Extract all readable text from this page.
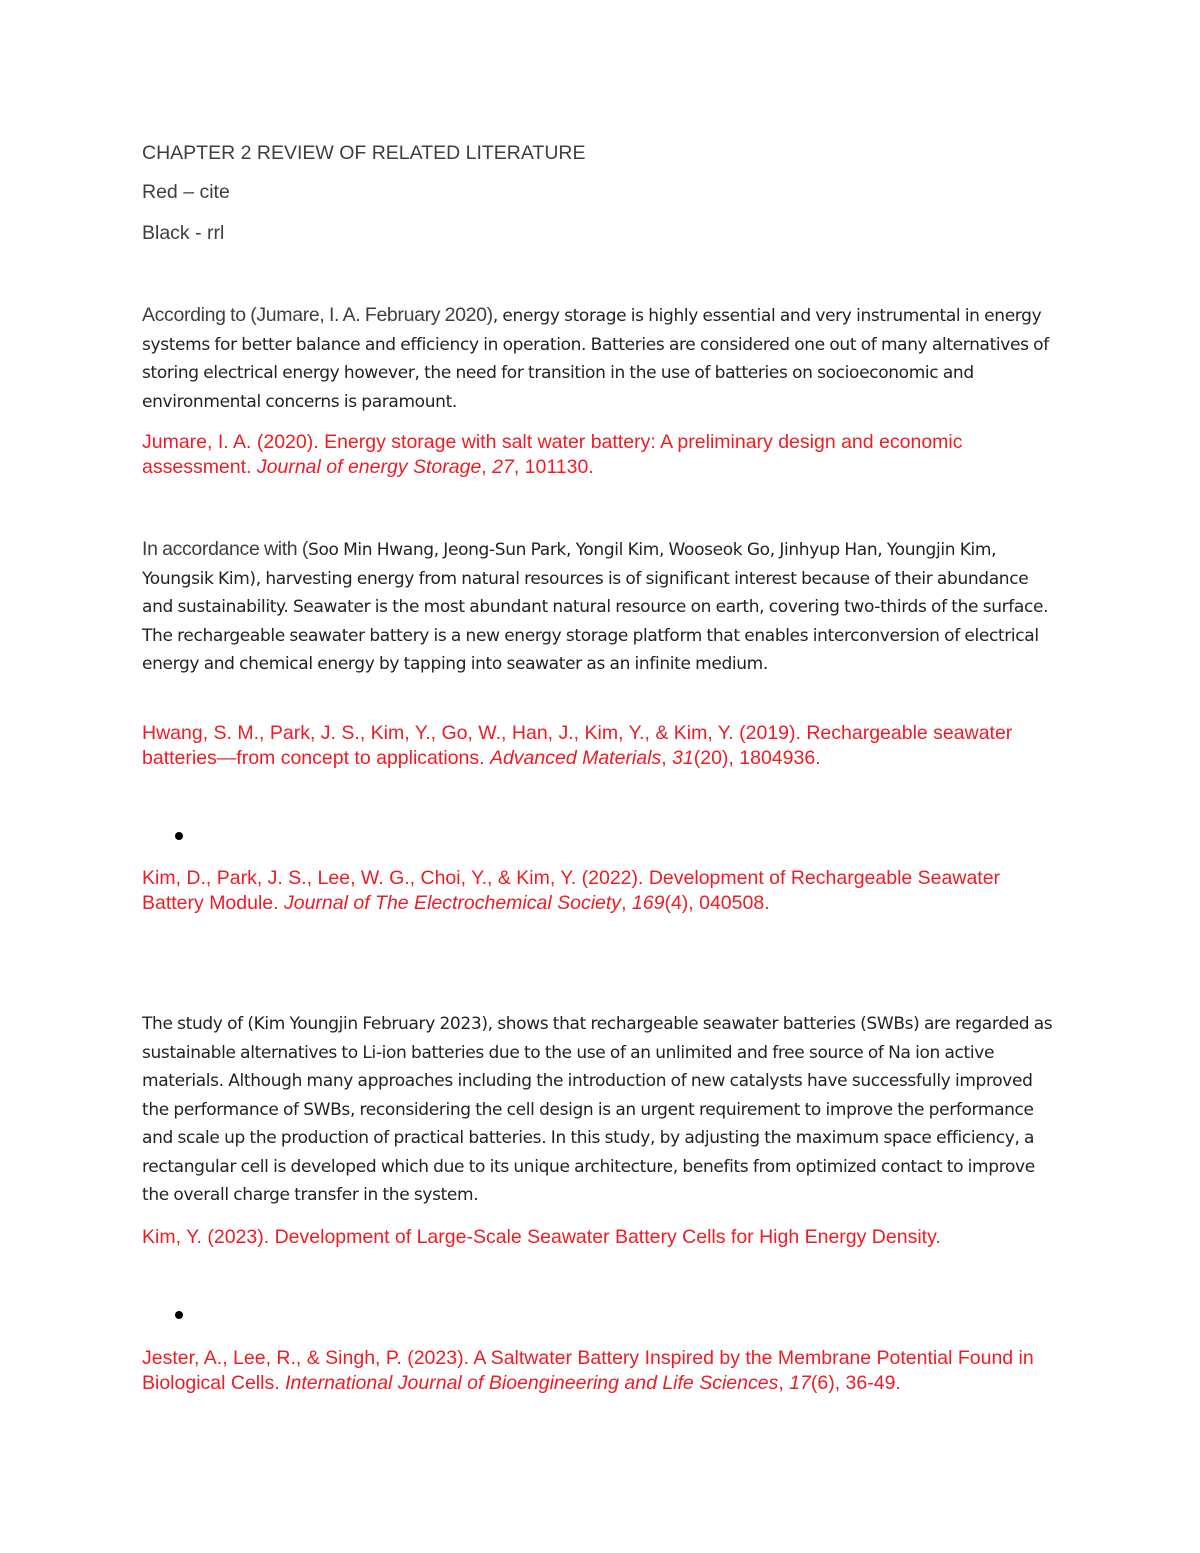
CHAPTER 2 REVIEW OF RELATED LITERATURE

Red – cite

Black - rrl

According to (Jumare, I. A. February 2020), energy storage is highly essential and very instrumental in energy systems for better balance and efficiency in operation. Batteries are considered one out of many alternatives of storing electrical energy however, the need for transition in the use of batteries on socioeconomic and environmental concerns is paramount.

Jumare, I. A. (2020). Energy storage with salt water battery: A preliminary design and economic assessment. Journal of energy Storage, 27, 101130.

In accordance with (Soo Min Hwang, Jeong-Sun Park, Yongil Kim, Wooseok Go, Jinhyup Han, Youngjin Kim, Youngsik Kim), harvesting energy from natural resources is of significant interest because of their abundance and sustainability. Seawater is the most abundant natural resource on earth, covering two-thirds of the surface. The rechargeable seawater battery is a new energy storage platform that enables interconversion of electrical energy and chemical energy by tapping into seawater as an infinite medium.

Hwang, S. M., Park, J. S., Kim, Y., Go, W., Han, J., Kim, Y., & Kim, Y. (2019). Rechargeable seawater batteries—from concept to applications. Advanced Materials, 31(20), 1804936.

Kim, D., Park, J. S., Lee, W. G., Choi, Y., & Kim, Y. (2022). Development of Rechargeable Seawater Battery Module. Journal of The Electrochemical Society, 169(4), 040508.

The study of (Kim Youngjin February 2023), shows that rechargeable seawater batteries (SWBs) are regarded as sustainable alternatives to Li-ion batteries due to the use of an unlimited and free source of Na ion active materials. Although many approaches including the introduction of new catalysts have successfully improved the performance of SWBs, reconsidering the cell design is an urgent requirement to improve the performance and scale up the production of practical batteries. In this study, by adjusting the maximum space efficiency, a rectangular cell is developed which due to its unique architecture, benefits from optimized contact to improve the overall charge transfer in the system.

Kim, Y. (2023). Development of Large-Scale Seawater Battery Cells for High Energy Density.

Jester, A., Lee, R., & Singh, P. (2023). A Saltwater Battery Inspired by the Membrane Potential Found in Biological Cells. International Journal of Bioengineering and Life Sciences, 17(6), 36-49.
